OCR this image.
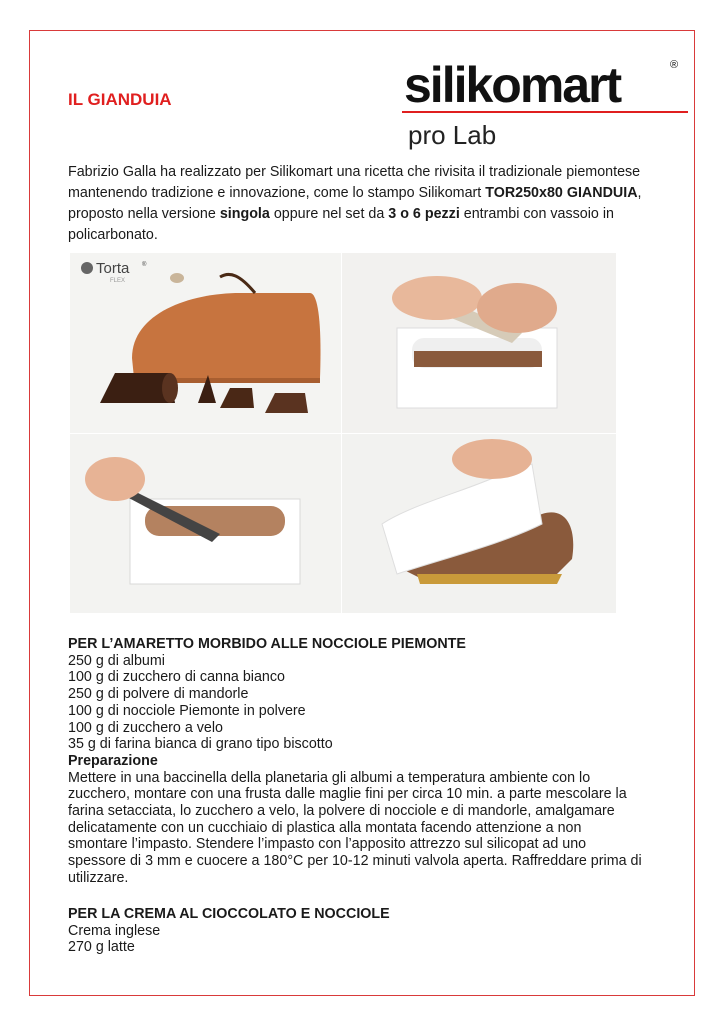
IL GIANDUIA	silikomart	®
pro Lab
Fabrizio Galla ha realizzato per Silikomart una ricetta che rivisita il tradizionale piemontese mantenendo tradizione e innovazione, come lo stampo Silikomart TOR250x80 GIANDUIA, proposto nella versione singola oppure nel set da 3 o 6 pezzi entrambi con vassoio in policarbonato.
Torta ®
FLEX
PER L’AMARETTO MORBIDO ALLE NOCCIOLE PIEMONTE
250 g di albumi
100 g di zucchero di canna bianco
250 g di polvere di mandorle
100 g di nocciole Piemonte in polvere
100 g di zucchero a velo
35 g di farina bianca di grano tipo biscotto
Preparazione
Mettere in una baccinella della planetaria gli albumi a temperatura ambiente con lo
zucchero, montare con una frusta dalle maglie fini per circa 10 min. a parte mescolare la
farina setacciata, lo zucchero a velo, la polvere di nocciole e di mandorle, amalgamare
delicatamente con un cucchiaio di plastica alla montata facendo attenzione a non
smontare l’impasto. Stendere l’impasto con l’apposito attrezzo sul silicopat ad uno
spessore di 3 mm e cuocere a 180°C per 10-12 minuti valvola aperta. Raffreddare prima di
utilizzare.
PER LA CREMA AL CIOCCOLATO E NOCCIOLE
Crema inglese
270 g latte
